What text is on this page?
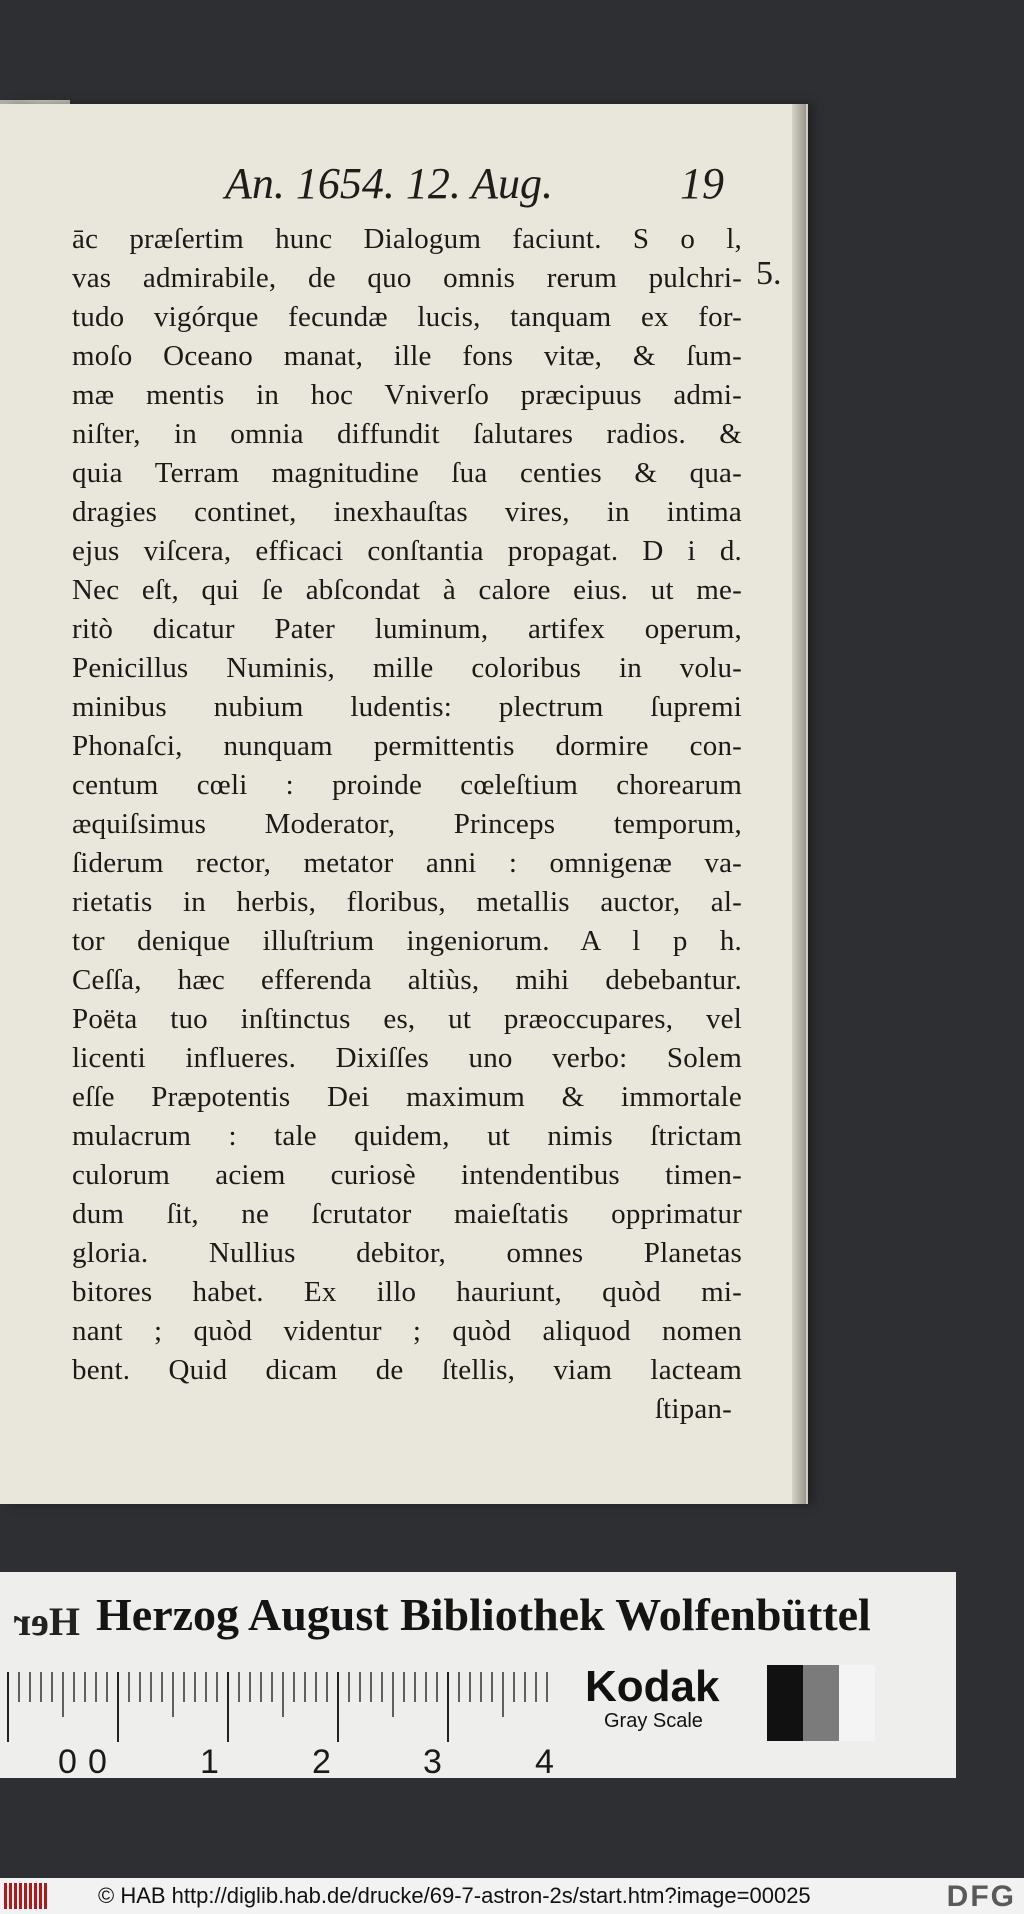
An. 1654. 12. Aug.	19
5.
āc præſertim hunc Dialogum faciunt. S o l,
vas admirabile, de quo omnis rerum pulchri-
tudo vigórque fecundæ lucis, tanquam ex for-
moſo Oceano manat, ille fons vitæ, & ſum-
mæ mentis in hoc Vniverſo præcipuus admi-
niſter, in omnia diffundit ſalutares radios. &
quia Terram magnitudine ſua centies & qua-
dragies continet, inexhauſtas vires, in intima
ejus viſcera, efficaci conſtantia propagat. D i d.
Nec eſt, qui ſe abſcondat à calore eius. ut me-
ritò dicatur Pater luminum, artifex operum,
Penicillus Numinis, mille coloribus in volu-
minibus nubium ludentis: plectrum ſupremi
Phonaſci, nunquam permittentis dormire con-
centum cœli : proinde cœleſtium chorearum
æquiſsimus Moderator, Princeps temporum,
ſiderum rector, metator anni : omnigenæ va-
rietatis in herbis, floribus, metallis auctor, al-
tor denique illuſtrium ingeniorum. A l p h.
Ceſſa, hæc efferenda altiùs, mihi debebantur.
Poëta tuo inſtinctus es, ut præoccupares, vel
licenti influeres. Dixiſſes uno verbo: Solem
eſſe Præpotentis Dei maximum & immortale
mulacrum : tale quidem, ut nimis ſtrictam
culorum aciem curiosè intendentibus timen-
dum ſit, ne ſcrutator maieſtatis opprimatur
gloria. Nullius debitor, omnes Planetas
bitores habet. Ex illo hauriunt, quòd mi-
nant ; quòd videntur ; quòd aliquod nomen
bent. Quid dicam de ſtellis, viam lacteam
ſtipan-
Her Herzog August Bibliothek Wolfenbüttel
0 0	1	2	3	4
Kodak
Gray Scale
© HAB http://diglib.hab.de/drucke/69-7-astron-2s/start.htm?image=00025	DFG
